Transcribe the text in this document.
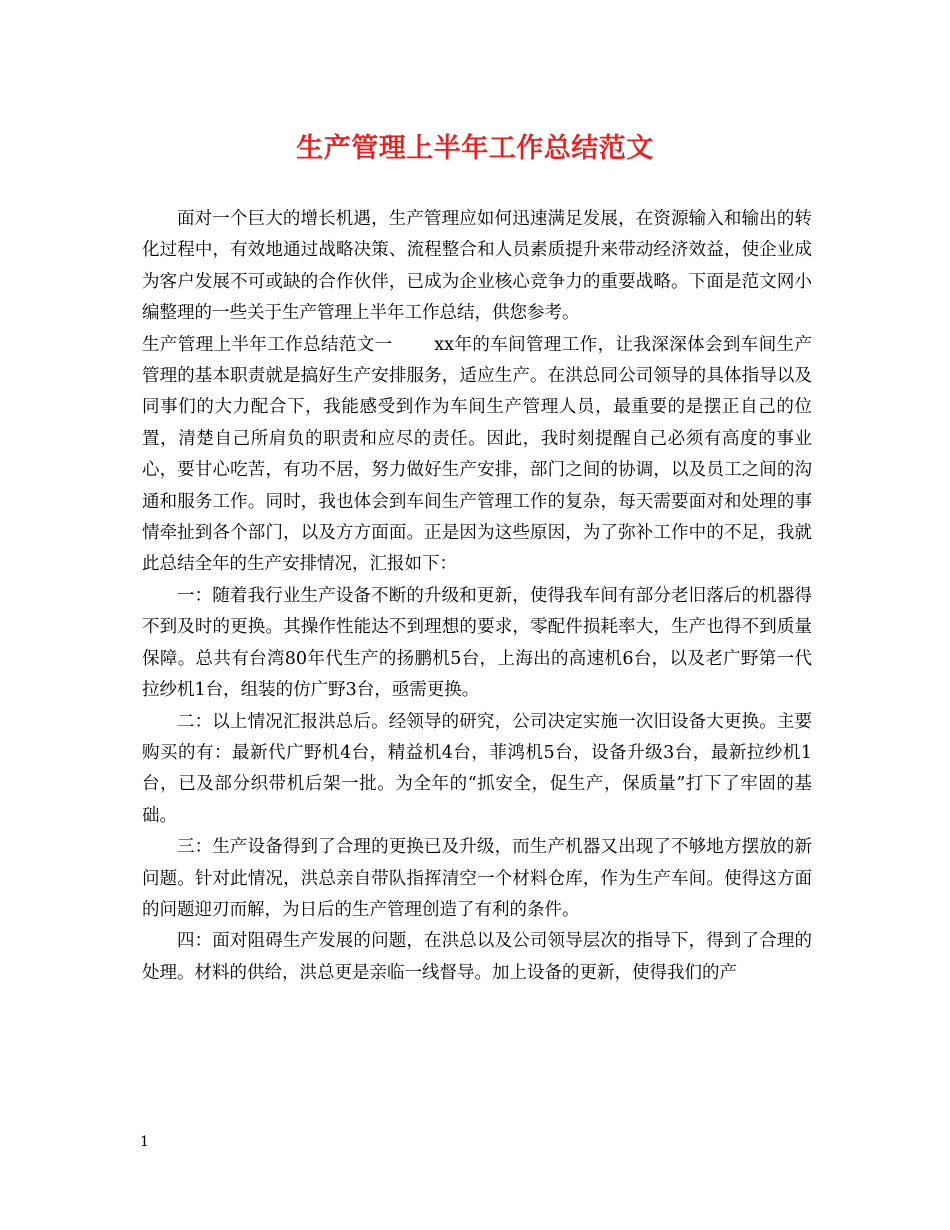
生产管理上半年工作总结范文

面对一个巨大的增长机遇，生产管理应如何迅速满足发展，在资源输入和输出的转化过程中，有效地通过战略决策、流程整合和人员素质提升来带动经济效益，使企业成为客户发展不可或缺的合作伙伴，已成为企业核心竞争力的重要战略。下面是范文网小编整理的一些关于生产管理上半年工作总结，供您参考。

生产管理上半年工作总结范文一　　 xx年的车间管理工作，让我深深体会到车间生产管理的基本职责就是搞好生产安排服务，适应生产。在洪总同公司领导的具体指导以及同事们的大力配合下，我能感受到作为车间生产管理人员，最重要的是摆正自己的位置，清楚自己所肩负的职责和应尽的责任。因此，我时刻提醒自己必须有高度的事业心，要甘心吃苦，有功不居，努力做好生产安排，部门之间的协调，以及员工之间的沟通和服务工作。同时，我也体会到车间生产管理工作的复杂，每天需要面对和处理的事情牵扯到各个部门，以及方方面面。正是因为这些原因，为了弥补工作中的不足，我就此总结全年的生产安排情况，汇报如下：

一：随着我行业生产设备不断的升级和更新，使得我车间有部分老旧落后的机器得不到及时的更换。其操作性能达不到理想的要求，零配件损耗率大，生产也得不到质量保障。总共有台湾80年代生产的扬鹏机5台，上海出的高速机6台，以及老广野第一代拉纱机1台，组装的仿广野3台，亟需更换。

二：以上情况汇报洪总后。经领导的研究，公司决定实施一次旧设备大更换。主要购买的有：最新代广野机4台，精益机4台，菲鸿机5台，设备升级3台，最新拉纱机1台，已及部分织带机后架一批。为全年的“抓安全，促生产，保质量”打下了牢固的基础。

三：生产设备得到了合理的更换已及升级，而生产机器又出现了不够地方摆放的新问题。针对此情况，洪总亲自带队指挥清空一个材料仓库，作为生产车间。使得这方面的问题迎刃而解，为日后的生产管理创造了有利的条件。

四：面对阻碍生产发展的问题，在洪总以及公司领导层次的指导下，得到了合理的处理。材料的供给，洪总更是亲临一线督导。加上设备的更新，使得我们的产

1
